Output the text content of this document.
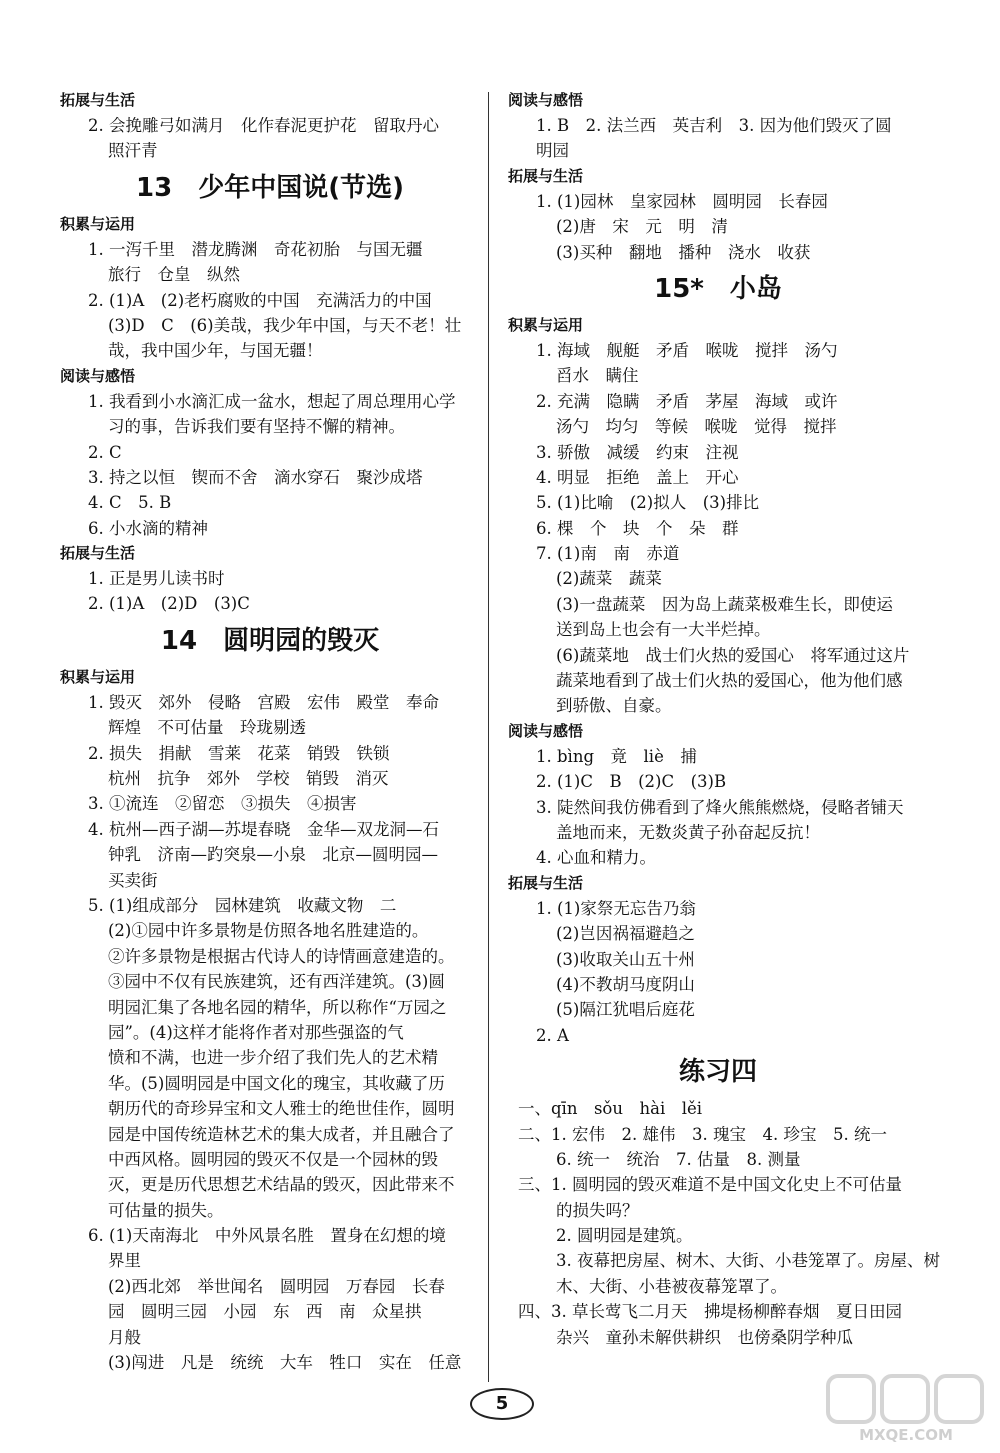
拓展与生活
2. 会挽雕弓如满月　化作春泥更护花　留取丹心
照汗青
13　少年中国说(节选)
积累与运用
1. 一泻千里　潜龙腾渊　奇花初胎　与国无疆
旅行　仓皇　纵然
2. (1)A　(2)老朽腐败的中国　充满活力的中国
(3)D　C　(6)美哉，我少年中国，与天不老！壮
哉，我中国少年，与国无疆！
阅读与感悟
1. 我看到小水滴汇成一盆水，想起了周总理用心学
习的事，告诉我们要有坚持不懈的精神。
2. C
3. 持之以恒　锲而不舍　滴水穿石　聚沙成塔
4. C　5. B
6. 小水滴的精神
拓展与生活
1. 正是男儿读书时
2. (1)A　(2)D　(3)C
14　圆明园的毁灭
积累与运用
1. 毁灭　郊外　侵略　宫殿　宏伟　殿堂　奉命
辉煌　不可估量　玲珑剔透
2. 损失　捐献　雪莱　花菜　销毁　铁锁
杭州　抗争　郊外　学校　销毁　消灭
3. ①流连　②留恋　③损失　④损害
4. 杭州—西子湖—苏堤春晓　金华—双龙洞—石
钟乳　济南—趵突泉—小泉　北京—圆明园—
买卖街
5. (1)组成部分　园林建筑　收藏文物　二
(2)①园中许多景物是仿照各地名胜建造的。
②许多景物是根据古代诗人的诗情画意建造的。
③园中不仅有民族建筑，还有西洋建筑。(3)圆
明园汇集了各地名园的精华，所以称作“万园之
园”。(4)这样才能将作者对那些强盗的气
愤和不满，也进一步介绍了我们先人的艺术精
华。(5)圆明园是中国文化的瑰宝，其收藏了历
朝历代的奇珍异宝和文人雅士的绝世佳作，圆明
园是中国传统造林艺术的集大成者，并且融合了
中西风格。圆明园的毁灭不仅是一个园林的毁
灭，更是历代思想艺术结晶的毁灭，因此带来不
可估量的损失。
6. (1)天南海北　中外风景名胜　置身在幻想的境
界里
(2)西北郊　举世闻名　圆明园　万春园　长春
园　圆明三园　小园　东　西　南　众星拱
月般
(3)闯进　凡是　统统　大车　牲口　实在　任意
阅读与感悟
1. B　2. 法兰西　英吉利　3. 因为他们毁灭了圆
明园
拓展与生活
1. (1)园林　皇家园林　圆明园　长春园
(2)唐　宋　元　明　清
(3)买种　翻地　播种　浇水　收获
15*　小岛
积累与运用
1. 海域　舰艇　矛盾　喉咙　搅拌　汤勺
舀水　瞒住
2. 充满　隐瞒　矛盾　茅屋　海域　或许
汤勺　均匀　等候　喉咙　觉得　搅拌
3. 骄傲　减缓　约束　注视
4. 明显　拒绝　盖上　开心
5. (1)比喻　(2)拟人　(3)排比
6. 棵　个　块　个　朵　群
7. (1)南　南　赤道
(2)蔬菜　蔬菜
(3)一盘蔬菜　因为岛上蔬菜极难生长，即使运
送到岛上也会有一大半烂掉。
(6)蔬菜地　战士们火热的爱国心　将军通过这片
蔬菜地看到了战士们火热的爱国心，他为他们感
到骄傲、自豪。
阅读与感悟
1. bìng　竟　liè　捕
2. (1)C　B　(2)C　(3)B
3. 陡然间我仿佛看到了烽火熊熊燃烧，侵略者铺天
盖地而来，无数炎黄子孙奋起反抗！
4. 心血和精力。
拓展与生活
1. (1)家祭无忘告乃翁
(2)岂因祸福避趋之
(3)收取关山五十州
(4)不教胡马度阴山
(5)隔江犹唱后庭花
2. A
练习四
一、qīn　sǒu　hài　lěi
二、1. 宏伟　2. 雄伟　3. 瑰宝　4. 珍宝　5. 统一
6. 统一　统治　7. 估量　8. 测量
三、1. 圆明园的毁灭难道不是中国文化史上不可估量
的损失吗？
2. 圆明园是建筑。
3. 夜幕把房屋、树木、大街、小巷笼罩了。房屋、树
木、大街、小巷被夜幕笼罩了。
四、3. 草长莺飞二月天　拂堤杨柳醉春烟　夏日田园
杂兴　童孙未解供耕织　也傍桑阴学种瓜
5
MXQE.COM
